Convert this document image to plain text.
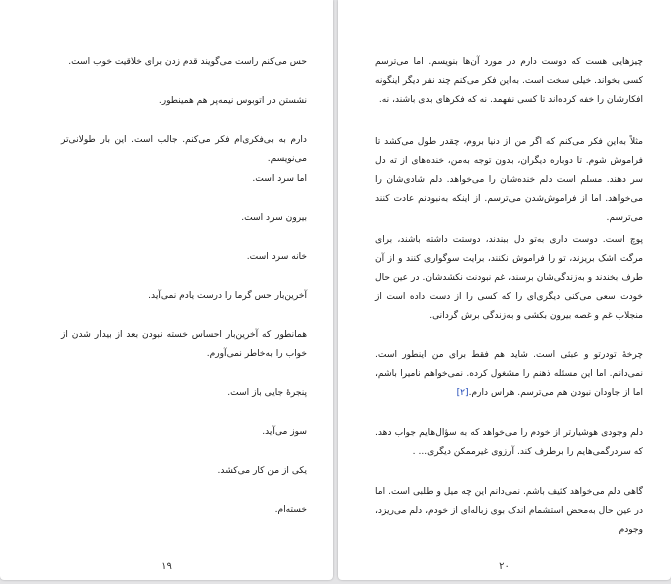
حس می‌کنم راست می‌گویند قدم زدن برای خلاقیت خوب است.

نشستن در اتوبوس نیمه‌پر هم همینطور.

دارم به بی‌فکری‌ام فکر می‌کنم. جالب است. این بار طولانی‌تر می‌نویسم.

اما سرد است.

بیرون سرد است.

خانه سرد است.

آخرین‌بار حس گرما را درست یادم نمی‌آید.

همانطور که آخرین‌بار احساس خسته نبودن بعد از بیدار شدن از خواب را به‌خاطر نمی‌آورم.

پنجرهٔ جایی باز است.

سوز می‌آید.

یکی از من کار می‌کشد.

خسته‌ام.

۱۹

چیزهایی هست که دوست دارم در مورد آن‌ها بنویسم. اما می‌ترسم کسی بخواند. خیلی سخت است. به‌این فکر می‌کنم چند نفر دیگر اینگونه افکارشان را خفه کرده‌اند تا کسی نفهمد. نه که فکرهای بدی باشند، نه.

مثلاً به‌این فکر می‌کنم که اگر من از دنیا بروم، چقدر طول می‌کشد تا فراموش شوم. تا دوباره دیگران، بدون توجه به‌من، خنده‌های از ته دل سر دهند. مسلم است دلم خنده‌شان را می‌خواهد. دلم شادی‌شان را می‌خواهد. اما از فراموش‌شدن می‌ترسم. از اینکه به‌نبودنم عادت کنند می‌ترسم.

پوچ است. دوست داری به‌تو دل ببندند، دوستت داشته باشند، برای مرگت اشک بریزند، تو را فراموش نکنند، برایت سوگواری کنند و از آن طرف بخندند و به‌زندگی‌شان برسند، غم نبودنت نکشدشان. در عین حال خودت سعی می‌کنی دیگری‌ای را که کسی را از دست داده است از منجلاب غم و غصه بیرون بکشی و به‌زندگی برش گردانی.

چرخهٔ تودرتو و عبثی است. شاید هم فقط برای من اینطور است. نمی‌دانم. اما این مسئله ذهنم را مشغول کرده. نمی‌خواهم نامیرا باشم، اما از جاودان نبودن هم می‌ترسم. هراس دارم.[۲]

دلم وجودی هوشیارتر از خودم را می‌خواهد که به سؤال‌هایم جواب دهد. که سردرگمی‌هایم را برطرف کند. آرزوی غیرممکن دیگری... .

گاهی دلم می‌خواهد کثیف باشم. نمی‌دانم این چه میل و طلبی است. اما در عین حال به‌محض استشمام اندک بوی زباله‌ای از خودم، دلم می‌ریزد، وجودم

۲۰
